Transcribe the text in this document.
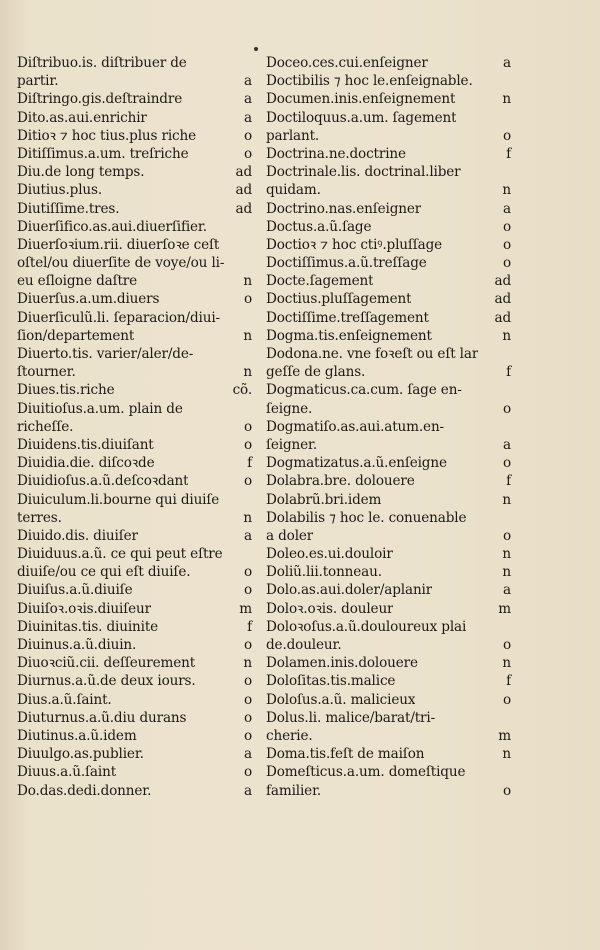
Diſtribuo.is. diſtribuer de
partir.	a
Diſtringo.gis.deſtraindre	a
Dito.as.aui.enrichir	a
Ditioꝛ ⁊ hoc tius.plus riche	o
Ditiſſimus.a.um. treſriche	o
Diu.de long temps.	ad
Diutius.plus.	ad
Diutiſſime.tres.	ad
Diuerſifico.as.aui.diuerſifier.
Diuerſoꝛium.rii. diuerſoꝛe ceſt
oſtel/ou diuerſite de voye/ou li-
eu eſloigne daſtre	n
Diuerſus.a.um.diuers	o
Diuerſiculũ.li. ſeparacion/diui-
ſion/departement	n
Diuerto.tis. varier/aler/de-
ſtourner.	n
Diues.tis.riche	cõ.
Diuitioſus.a.um. plain de
richeſſe.	o
Diuidens.tis.diuiſant	o
Diuidia.die. diſcoꝛde	f
Diuidioſus.a.ũ.deſcoꝛdant	o
Diuiculum.li.bourne qui diuiſe
terres.	n
Diuido.dis. diuiſer	a
Diuiduus.a.ũ. ce qui peut eſtre
diuiſe/ou ce qui eſt diuiſe.	o
Diuiſus.a.ũ.diuiſe	o
Diuiſoꝛ.oꝛis.diuiſeur	m
Diuinitas.tis. diuinite	f
Diuinus.a.ũ.diuin.	o
Diuoꝛciũ.cii. deſſeurement	n
Diurnus.a.ũ.de deux iours.	o
Dius.a.ũ.ſaint.	o
Diuturnus.a.ũ.diu durans	o
Diutinus.a.ũ.idem	o
Diuulgo.as.publier.	a
Diuus.a.ũ.ſaint	o
Do.das.dedi.donner.	a
Doceo.ces.cui.enſeigner	a
Doctibilis ⁊ hoc le.enſeignable.
Documen.inis.enſeignement	n
Doctiloquus.a.um. ſagement
parlant.	o
Doctrina.ne.doctrine	f
Doctrinale.lis. doctrinal.liber
quidam.	n
Doctrino.nas.enſeigner	a
Doctus.a.ũ.ſage	o
Doctioꝛ ⁊ hoc ctiꝰ.pluſſage	o
Doctiſſimus.a.ũ.treſſage	o
Docte.ſagement	ad
Doctius.pluſſagement	ad
Doctiſſime.treſſagement	ad
Dogma.tis.enſeignement	n
Dodona.ne. vne foꝛeſt ou eſt lar
geſſe de glans.	f
Dogmaticus.ca.cum. ſage en-
ſeigne.	o
Dogmatiſo.as.aui.atum.en-
ſeigner.	a
Dogmatizatus.a.ũ.enſeigne	o
Dolabra.bre. dolouere	f
Dolabrũ.bri.idem	n
Dolabilis ⁊ hoc le. conuenable
a doler	o
Doleo.es.ui.douloir	n
Doliũ.lii.tonneau.	n
Dolo.as.aui.doler/aplanir	a
Doloꝛ.oꝛis. douleur	m
Doloꝛoſus.a.ũ.douloureux plai
de.douleur.	o
Dolamen.inis.dolouere	n
Doloſitas.tis.malice	f
Doloſus.a.ũ. malicieux	o
Dolus.li. malice/barat/tri-
cherie.	m
Doma.tis.feſt de maiſon	n
Domeſticus.a.um. domeſtique
familier.	o
